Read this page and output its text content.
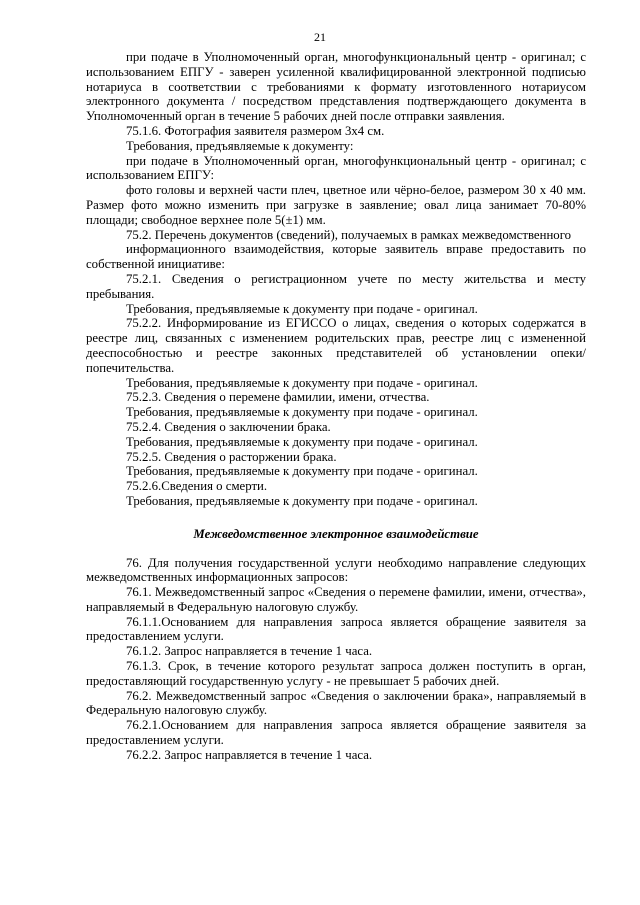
21

при подаче в Уполномоченный орган, многофункциональный центр - оригинал; с использованием ЕПГУ - заверен усиленной квалифицированной электронной подписью нотариуса в соответствии с требованиями к формату изготовленного нотариусом электронного документа / посредством представления подтверждающего документа в Уполномоченный орган в течение 5 рабочих дней после отправки заявления.

75.1.6. Фотография заявителя размером 3х4 см.

Требования, предъявляемые к документу:

при подаче в Уполномоченный орган, многофункциональный центр - оригинал; с использованием ЕПГУ:

фото головы и верхней части плеч, цветное или чёрно-белое, размером 30 х 40 мм. Размер фото можно изменить при загрузке в заявление; овал лица занимает 70-80% площади; свободное верхнее поле 5(±1) мм.

75.2. Перечень документов (сведений), получаемых в рамках межведомственного

информационного взаимодействия, которые заявитель вправе предоставить по собственной инициативе:

75.2.1. Сведения о регистрационном учете по месту жительства и месту пребывания.

Требования, предъявляемые к документу при подаче - оригинал.

75.2.2. Информирование из ЕГИССО о лицах, сведения о которых содержатся в реестре лиц, связанных с изменением родительских прав, реестре лиц с измененной дееспособностью и реестре законных представителей об установлении опеки/попечительства.

Требования, предъявляемые к документу при подаче - оригинал.

75.2.3. Сведения о перемене фамилии, имени, отчества.

Требования, предъявляемые к документу при подаче - оригинал.

75.2.4. Сведения о заключении брака.

Требования, предъявляемые к документу при подаче - оригинал.

75.2.5. Сведения о расторжении брака.

Требования, предъявляемые к документу при подаче - оригинал.

75.2.6.Сведения о смерти.

Требования, предъявляемые к документу при подаче - оригинал.

Межведомственное электронное взаимодействие

76. Для получения государственной услуги необходимо направление следующих межведомственных информационных запросов:

76.1. Межведомственный запрос «Сведения о перемене фамилии, имени, отчества», направляемый в Федеральную налоговую службу.

76.1.1.Основанием для направления запроса является обращение заявителя за предоставлением услуги.

76.1.2. Запрос направляется в течение 1 часа.

76.1.3. Срок, в течение которого результат запроса должен поступить в орган, предоставляющий государственную услугу - не превышает 5 рабочих дней.

76.2. Межведомственный запрос «Сведения о заключении брака», направляемый в Федеральную налоговую службу.

76.2.1.Основанием для направления запроса является обращение заявителя за предоставлением услуги.

76.2.2. Запрос направляется в течение 1 часа.
